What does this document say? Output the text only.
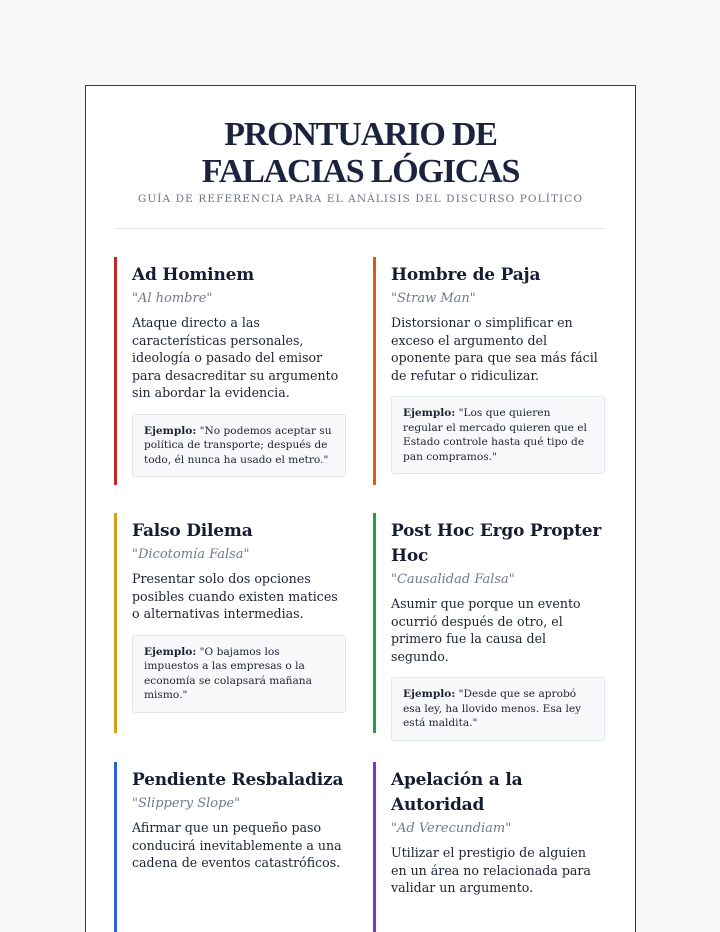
PRONTUARIO DE FALACIAS LÓGICAS
GUÍA DE REFERENCIA PARA EL ANÁLISIS DEL DISCURSO POLÍTICO
Ad Hominem
"Al hombre"
Ataque directo a las características personales, ideología o pasado del emisor para desacreditar su argumento sin abordar la evidencia.
Ejemplo: "No podemos aceptar su política de transporte; después de todo, él nunca ha usado el metro."
Hombre de Paja
"Straw Man"
Distorsionar o simplificar en exceso el argumento del oponente para que sea más fácil de refutar o ridiculizar.
Ejemplo: "Los que quieren regular el mercado quieren que el Estado controle hasta qué tipo de pan compramos."
Falso Dilema
"Dicotomía Falsa"
Presentar solo dos opciones posibles cuando existen matices o alternativas intermedias.
Ejemplo: "O bajamos los impuestos a las empresas o la economía se colapsará mañana mismo."
Post Hoc Ergo Propter Hoc
"Causalidad Falsa"
Asumir que porque un evento ocurrió después de otro, el primero fue la causa del segundo.
Ejemplo: "Desde que se aprobó esa ley, ha llovido menos. Esa ley está maldita."
Pendiente Resbaladiza
"Slippery Slope"
Afirmar que un pequeño paso conducirá inevitablemente a una cadena de eventos catastróficos.
Apelación a la Autoridad
"Ad Verecundiam"
Utilizar el prestigio de alguien en un área no relacionada para validar un argumento.
